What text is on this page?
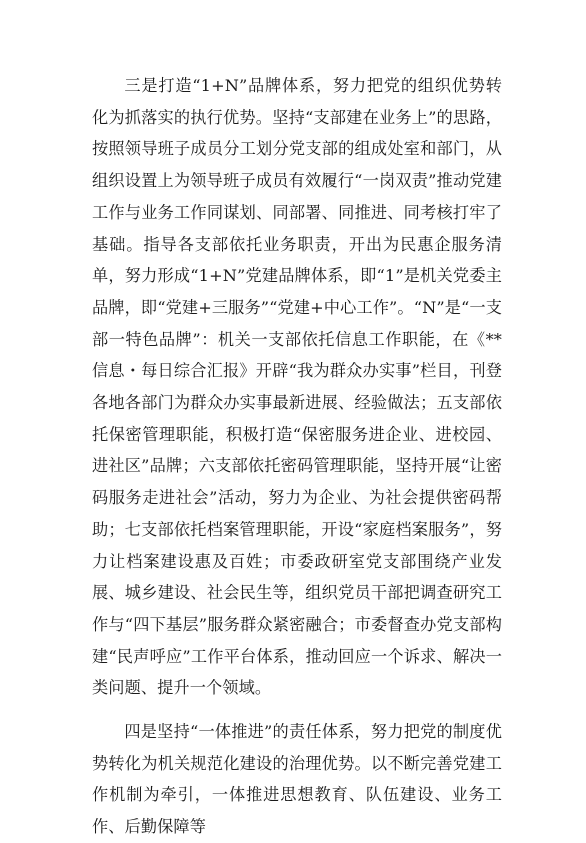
三是打造“1+N”品牌体系，努力把党的组织优势转化为抓落实的执行优势。坚持“支部建在业务上”的思路，按照领导班子成员分工划分党支部的组成处室和部门，从组织设置上为领导班子成员有效履行“一岗双责”推动党建工作与业务工作同谋划、同部署、同推进、同考核打牢了基础。指导各支部依托业务职责，开出为民惠企服务清单，努力形成“1+N”党建品牌体系，即“1”是机关党委主品牌，即“党建+三服务”“党建+中心工作”。“N”是“一支部一特色品牌”：机关一支部依托信息工作职能，在《**信息・每日综合汇报》开辟“我为群众办实事”栏目，刊登各地各部门为群众办实事最新进展、经验做法；五支部依托保密管理职能，积极打造“保密服务进企业、进校园、进社区”品牌；六支部依托密码管理职能，坚持开展“让密码服务走进社会”活动，努力为企业、为社会提供密码帮助；七支部依托档案管理职能，开设“家庭档案服务”，努力让档案建设惠及百姓；市委政研室党支部围绕产业发展、城乡建设、社会民生等，组织党员干部把调查研究工作与“四下基层”服务群众紧密融合；市委督查办党支部构建“民声呼应”工作平台体系，推动回应一个诉求、解决一类问题、提升一个领域。

四是坚持“一体推进”的责任体系，努力把党的制度优势转化为机关规范化建设的治理优势。以不断完善党建工作机制为牵引，一体推进思想教育、队伍建设、业务工作、后勤保障等
